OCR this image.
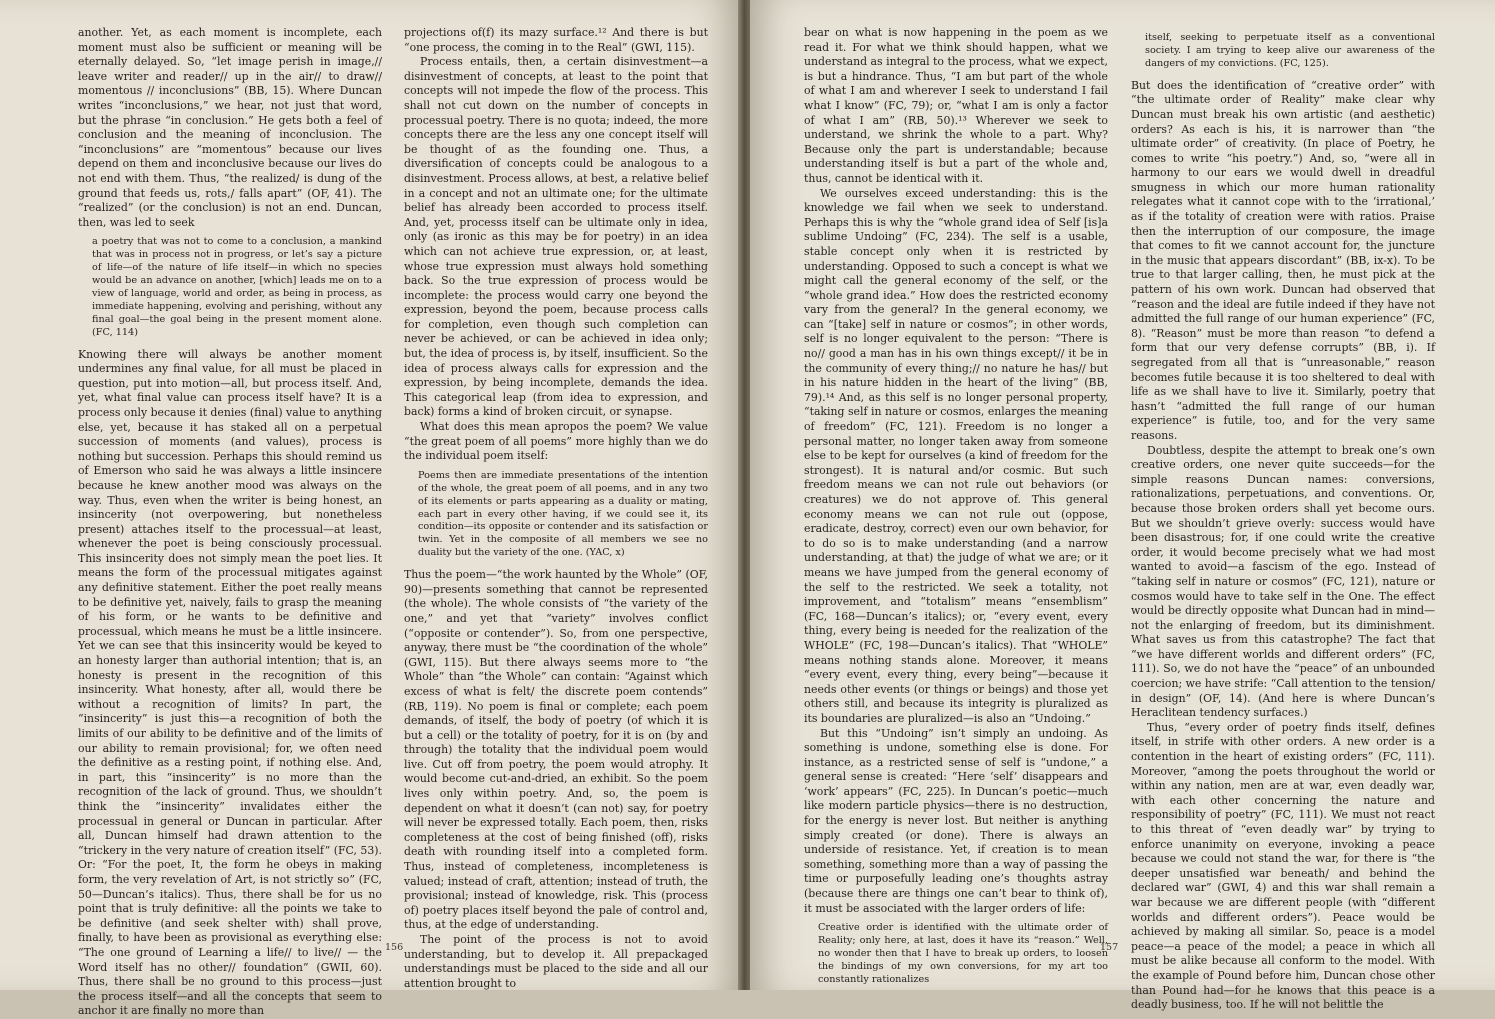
another. Yet, as each moment is incomplete, each moment must also be sufficient or meaning will be eternally delayed. So, “let image perish in image,// leave writer and reader// up in the air// to draw// momentous // inconclusions” (BB, 15). Where Duncan writes “inconclusions,” we hear, not just that word, but the phrase “in conclusion.” He gets both a feel of conclusion and the meaning of inconclusion. The “inconclusions” are “momentous” because our lives depend on them and inconclusive because our lives do not end with them. Thus, “the realized/ is dung of the ground that feeds us, rots,/ falls apart” (OF, 41). The “realized” (or the conclusion) is not an end. Duncan, then, was led to seek

a poetry that was not to come to a conclusion, a mankind that was in process not in progress, or let’s say a picture of life—of the nature of life itself—in which no species would be an advance on another, [which] leads me on to a view of language, world and order, as being in process, as immediate happening, evolving and perishing, without any final goal—the goal being in the present moment alone. (FC, 114)

Knowing there will always be another moment undermines any final value, for all must be placed in question, put into motion—all, but process itself. And, yet, what final value can process itself have? It is a process only because it denies (final) value to anything else, yet, because it has staked all on a perpetual succession of moments (and values), process is nothing but succession. Perhaps this should remind us of Emerson who said he was always a little insincere because he knew another mood was always on the way. Thus, even when the writer is being honest, an insincerity (not overpowering, but nonetheless present) attaches itself to the processual—at least, whenever the poet is being consciously processual. This insincerity does not simply mean the poet lies. It means the form of the processual mitigates against any definitive statement. Either the poet really means to be definitive yet, naively, fails to grasp the meaning of his form, or he wants to be definitive and processual, which means he must be a little insincere. Yet we can see that this insincerity would be keyed to an honesty larger than authorial intention; that is, an honesty is present in the recognition of this insincerity. What honesty, after all, would there be without a recognition of limits? In part, the “insincerity” is just this—a recognition of both the limits of our ability to be definitive and of the limits of our ability to remain provisional; for, we often need the definitive as a resting point, if nothing else. And, in part, this “insincerity” is no more than the recognition of the lack of ground. Thus, we shouldn’t think the “insincerity” invalidates either the processual in general or Duncan in particular. After all, Duncan himself had drawn attention to the “trickery in the very nature of creation itself” (FC, 53). Or: “For the poet, It, the form he obeys in making form, the very revelation of Art, is not strictly so” (FC, 50—Duncan’s italics). Thus, there shall be for us no point that is truly definitive: all the points we take to be definitive (and seek shelter with) shall prove, finally, to have been as provisional as everything else: “The one ground of Learning a life// to live// — the Word itself has no other// foundation” (GWII, 60). Thus, there shall be no ground to this process—just the process itself—and all the concepts that seem to anchor it are finally no more than

projections of(f) its mazy surface.¹² And there is but “one process, the coming in to the Real” (GWI, 115).

Process entails, then, a certain disinvestment—a disinvestment of concepts, at least to the point that concepts will not impede the flow of the process. This shall not cut down on the number of concepts in processual poetry. There is no quota; indeed, the more concepts there are the less any one concept itself will be thought of as the founding one. Thus, a diversification of concepts could be analogous to a disinvestment. Process allows, at best, a relative belief in a concept and not an ultimate one; for the ultimate belief has already been accorded to process itself. And, yet, processs itself can be ultimate only in idea, only (as ironic as this may be for poetry) in an idea which can not achieve true expression, or, at least, whose true expression must always hold something back. So the true expression of process would be incomplete: the process would carry one beyond the expression, beyond the poem, because process calls for completion, even though such completion can never be achieved, or can be achieved in idea only; but, the idea of process is, by itself, insufficient. So the idea of process always calls for expression and the expression, by being incomplete, demands the idea. This categorical leap (from idea to expression, and back) forms a kind of broken circuit, or synapse.

What does this mean apropos the poem? We value “the great poem of all poems” more highly than we do the individual poem itself:

Poems then are immediate presentations of the intention of the whole, the great poem of all poems, and in any two of its elements or parts appearing as a duality or mating, each part in every other having, if we could see it, its condition—its opposite or contender and its satisfaction or twin. Yet in the composite of all members we see no duality but the variety of the one. (YAC, x)

Thus the poem—“the work haunted by the Whole” (OF, 90)—presents something that cannot be represented (the whole). The whole consists of “the variety of the one,” and yet that “variety” involves conflict (“opposite or contender”). So, from one perspective, anyway, there must be “the coordination of the whole” (GWI, 115). But there always seems more to “the Whole” than “the Whole” can contain: “Against which excess of what is felt/ the discrete poem contends” (RB, 119). No poem is final or complete; each poem demands, of itself, the body of poetry (of which it is but a cell) or the totality of poetry, for it is on (by and through) the totality that the individual poem would live. Cut off from poetry, the poem would atrophy. It would become cut-and-dried, an exhibit. So the poem lives only within poetry. And, so, the poem is dependent on what it doesn’t (can not) say, for poetry will never be expressed totally. Each poem, then, risks completeness at the cost of being finished (off), risks death with rounding itself into a completed form. Thus, instead of completeness, incompleteness is valued; instead of craft, attention; instead of truth, the provisional; instead of knowledge, risk. This (process of) poetry places itself beyond the pale of control and, thus, at the edge of understanding.

The point of the process is not to avoid understanding, but to develop it. All prepackaged understandings must be placed to the side and all our attention brought to

156

bear on what is now happening in the poem as we read it. For what we think should happen, what we understand as integral to the process, what we expect, is but a hindrance. Thus, “I am but part of the whole of what I am and wherever I seek to understand I fail what I know” (FC, 79); or, “what I am is only a factor of what I am” (RB, 50).¹³ Wherever we seek to understand, we shrink the whole to a part. Why? Because only the part is understandable; because understanding itself is but a part of the whole and, thus, cannot be identical with it.

We ourselves exceed understanding: this is the knowledge we fail when we seek to understand. Perhaps this is why the “whole grand idea of Self [is]a sublime Undoing” (FC, 234). The self is a usable, stable concept only when it is restricted by understanding. Opposed to such a concept is what we might call the general economy of the self, or the “whole grand idea.” How does the restricted economy vary from the general? In the general economy, we can “[take] self in nature or cosmos”; in other words, self is no longer equivalent to the person: “There is no// good a man has in his own things except// it be in the community of every thing;// no nature he has// but in his nature hidden in the heart of the living” (BB, 79).¹⁴ And, as this self is no longer personal property, “taking self in nature or cosmos, enlarges the meaning of freedom” (FC, 121). Freedom is no longer a personal matter, no longer taken away from someone else to be kept for ourselves (a kind of freedom for the strongest). It is natural and/or cosmic. But such freedom means we can not rule out behaviors (or creatures) we do not approve of. This general economy means we can not rule out (oppose, eradicate, destroy, correct) even our own behavior, for to do so is to make understanding (and a narrow understanding, at that) the judge of what we are; or it means we have jumped from the general economy of the self to the restricted. We seek a totality, not improvement, and “totalism” means “ensemblism” (FC, 168—Duncan’s italics); or, “every event, every thing, every being is needed for the realization of the WHOLE” (FC, 198—Duncan’s italics). That “WHOLE” means nothing stands alone. Moreover, it means “every event, every thing, every being”—because it needs other events (or things or beings) and those yet others still, and because its integrity is pluralized as its boundaries are pluralized—is also an “Undoing.”

But this “Undoing” isn’t simply an undoing. As something is undone, something else is done. For instance, as a restricted sense of self is “undone,” a general sense is created: “Here ‘self’ disappears and ‘work’ appears” (FC, 225). In Duncan’s poetic—much like modern particle physics—there is no destruction, for the energy is never lost. But neither is anything simply created (or done). There is always an underside of resistance. Yet, if creation is to mean something, something more than a way of passing the time or purposefully leading one’s thoughts astray (because there are things one can’t bear to think of), it must be associated with the larger orders of life:

Creative order is identified with the ultimate order of Reality; only here, at last, does it have its “reason.” Well, no wonder then that I have to break up orders, to loosen the bindings of my own conversions, for my art too constantly rationalizes
itself, seeking to perpetuate itself as a conventional society. I am trying to keep alive our awareness of the dangers of my convictions. (FC, 125).

But does the identification of “creative order” with “the ultimate order of Reality” make clear why Duncan must break his own artistic (and aesthetic) orders? As each is his, it is narrower than “the ultimate order” of creativity. (In place of Poetry, he comes to write “his poetry.”) And, so, “were all in harmony to our ears we would dwell in dreadful smugness in which our more human rationality relegates what it cannot cope with to the ‘irrational,’ as if the totality of creation were with ratios. Praise then the interruption of our composure, the image that comes to fit we cannot account for, the juncture in the music that appears discordant” (BB, ix-x). To be true to that larger calling, then, he must pick at the pattern of his own work. Duncan had observed that “reason and the ideal are futile indeed if they have not admitted the full range of our human experience” (FC, 8). “Reason” must be more than reason “to defend a form that our very defense corrupts” (BB, i). If segregated from all that is “unreasonable,” reason becomes futile because it is too sheltered to deal with life as we shall have to live it. Similarly, poetry that hasn’t “admitted the full range of our human experience” is futile, too, and for the very same reasons.

Doubtless, despite the attempt to break one’s own creative orders, one never quite succeeds—for the simple reasons Duncan names: conversions, rationalizations, perpetuations, and conventions. Or, because those broken orders shall yet become ours. But we shouldn’t grieve overly: success would have been disastrous; for, if one could write the creative order, it would become precisely what we had most wanted to avoid—a fascism of the ego. Instead of “taking self in nature or cosmos” (FC, 121), nature or cosmos would have to take self in the One. The effect would be directly opposite what Duncan had in mind—not the enlarging of freedom, but its diminishment. What saves us from this catastrophe? The fact that “we have different worlds and different orders” (FC, 111). So, we do not have the “peace” of an unbounded coercion; we have strife: “Call attention to the tension/ in design” (OF, 14). (And here is where Duncan’s Heraclitean tendency surfaces.)

Thus, “every order of poetry finds itself, defines itself, in strife with other orders. A new order is a contention in the heart of existing orders” (FC, 111). Moreover, “among the poets throughout the world or within any nation, men are at war, even deadly war, with each other concerning the nature and responsibility of poetry” (FC, 111). We must not react to this threat of “even deadly war” by trying to enforce unanimity on everyone, invoking a peace because we could not stand the war, for there is “the deeper unsatisfied war beneath/ and behind the declared war” (GWI, 4) and this war shall remain a war because we are different people (with “different worlds and different orders”). Peace would be achieved by making all similar. So, peace is a model peace—a peace of the model; a peace in which all must be alike because all conform to the model. With the example of Pound before him, Duncan chose other than Pound had—for he knows that this peace is a deadly business, too. If he will not belittle the

157
